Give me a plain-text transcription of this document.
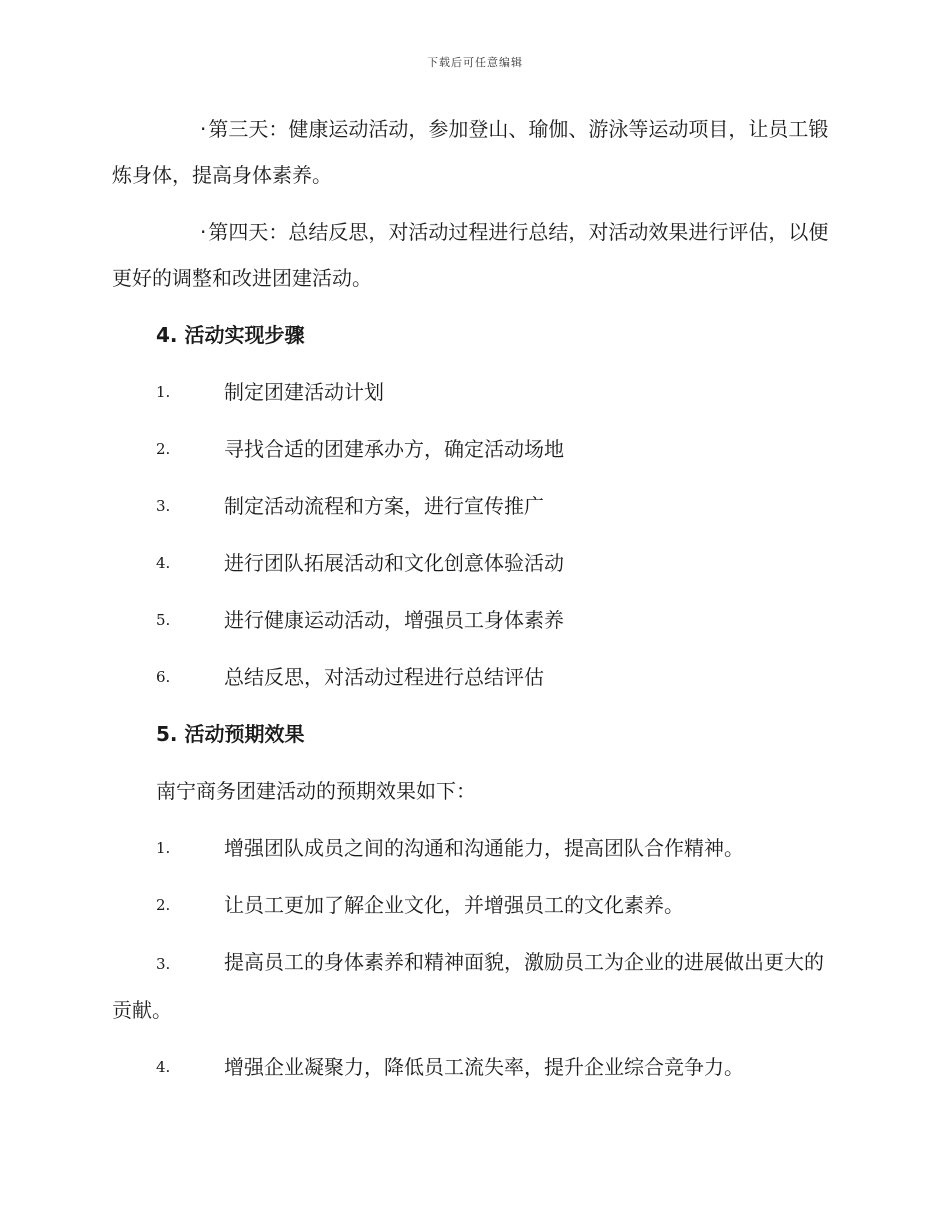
下载后可任意编辑

· 第三天：健康运动活动，参加登山、瑜伽、游泳等运动项目，让员工锻炼身体，提高身体素养。

· 第四天：总结反思，对活动过程进行总结，对活动效果进行评估，以便更好的调整和改进团建活动。

4. 活动实现步骤
1.	制定团建活动计划
2.	寻找合适的团建承办方，确定活动场地
3.	制定活动流程和方案，进行宣传推广
4.	进行团队拓展活动和文化创意体验活动
5.	进行健康运动活动，增强员工身体素养
6.	总结反思，对活动过程进行总结评估
5. 活动预期效果

南宁商务团建活动的预期效果如下：

1.	增强团队成员之间的沟通和沟通能力，提高团队合作精神。
2.	让员工更加了解企业文化，并增强员工的文化素养。

3.	提高员工的身体素养和精神面貌，激励员工为企业的进展做出更大的贡献。

4.	增强企业凝聚力，降低员工流失率，提升企业综合竞争力。
